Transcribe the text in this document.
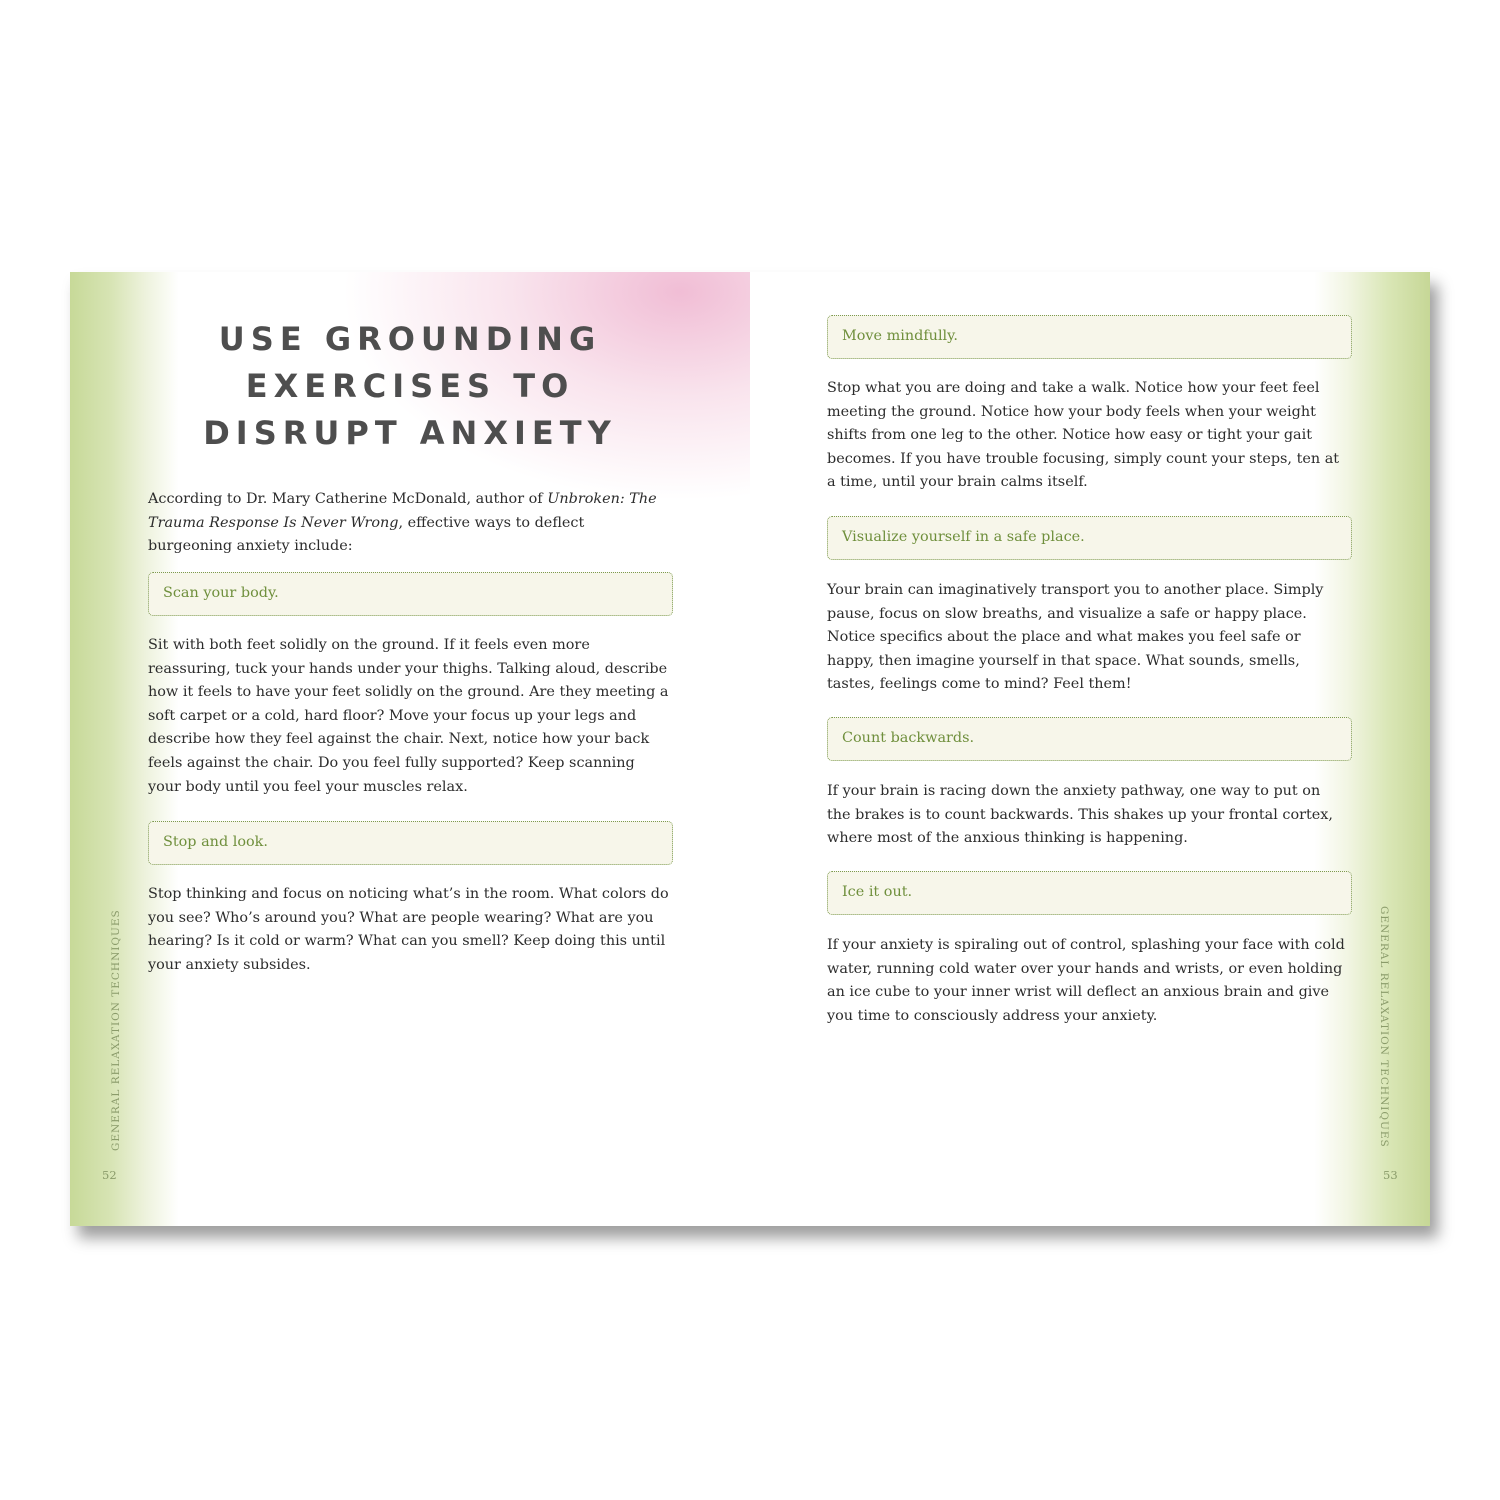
USE GROUNDING EXERCISES TO DISRUPT ANXIETY

According to Dr. Mary Catherine McDonald, author of Unbroken: The Trauma Response Is Never Wrong, effective ways to deflect burgeoning anxiety include:

Scan your body.

Sit with both feet solidly on the ground. If it feels even more reassuring, tuck your hands under your thighs. Talking aloud, describe how it feels to have your feet solidly on the ground. Are they meeting a soft carpet or a cold, hard floor? Move your focus up your legs and describe how they feel against the chair. Next, notice how your back feels against the chair. Do you feel fully supported? Keep scanning your body until you feel your muscles relax.

Stop and look.

Stop thinking and focus on noticing what’s in the room. What colors do you see? Who’s around you? What are people wearing? What are you hearing? Is it cold or warm? What can you smell? Keep doing this until your anxiety subsides.

GENERAL RELAXATION TECHNIQUES
52
Move mindfully.

Stop what you are doing and take a walk. Notice how your feet feel meeting the ground. Notice how your body feels when your weight shifts from one leg to the other. Notice how easy or tight your gait becomes. If you have trouble focusing, simply count your steps, ten at a time, until your brain calms itself.

Visualize yourself in a safe place.

Your brain can imaginatively transport you to another place. Simply pause, focus on slow breaths, and visualize a safe or happy place. Notice specifics about the place and what makes you feel safe or happy, then imagine yourself in that space. What sounds, smells, tastes, feelings come to mind? Feel them!

Count backwards.

If your brain is racing down the anxiety pathway, one way to put on the brakes is to count backwards. This shakes up your frontal cortex, where most of the anxious thinking is happening.

Ice it out.

If your anxiety is spiraling out of control, splashing your face with cold water, running cold water over your hands and wrists, or even holding an ice cube to your inner wrist will deflect an anxious brain and give you time to consciously address your anxiety.	GENERAL RELAXATION TECHNIQUES
53
